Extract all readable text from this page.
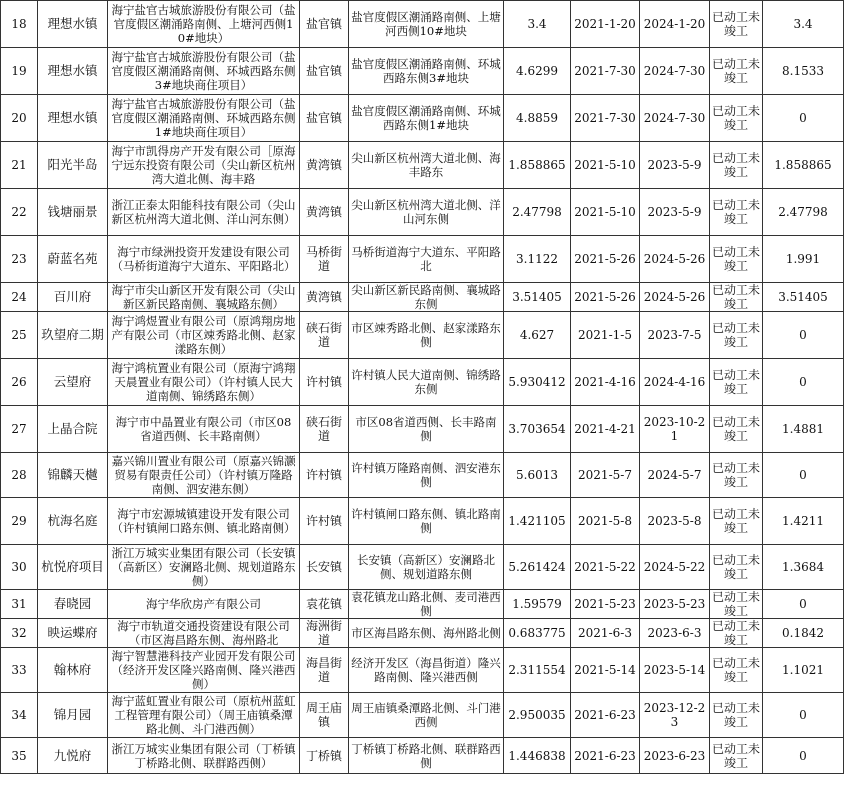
18	理想水镇	海宁盐官古城旅游股份有限公司（盐官度假区潮涌路南侧、上塘河西侧10#地块）	盐官镇	盐官度假区潮涌路南侧、上塘河西侧10#地块	3.4	2021-1-20	2024-1-20	已动工未竣工	3.4
19	理想水镇	海宁盐官古城旅游股份有限公司（盐官度假区潮涌路南侧、环城西路东侧3#地块商住项目）	盐官镇	盐官度假区潮涌路南侧、环城西路东侧3#地块	4.6299	2021-7-30	2024-7-30	已动工未竣工	8.1533
20	理想水镇	海宁盐官古城旅游股份有限公司（盐官度假区潮涌路南侧、环城西路东侧1#地块商住项目）	盐官镇	盐官度假区潮涌路南侧、环城西路东侧1#地块	4.8859	2021-7-30	2024-7-30	已动工未竣工	0
21	阳光半岛	海宁市凯得房产开发有限公司［原海宁远东投资有限公司（尖山新区杭州湾大道北侧、海丰路	黄湾镇	尖山新区杭州湾大道北侧、海丰路东	1.858865	2021-5-10	2023-5-9	已动工未竣工	1.858865
22	钱塘丽景	浙江正泰太阳能科技有限公司（尖山新区杭州湾大道北侧、洋山河东侧）	黄湾镇	尖山新区杭州湾大道北侧、洋山河东侧	2.47798	2021-5-10	2023-5-9	已动工未竣工	2.47798
23	蔚蓝名苑	海宁市绿洲投资开发建设有限公司（马桥街道海宁大道东、平阳路北）	马桥街道	马桥街道海宁大道东、平阳路北	3.1122	2021-5-26	2024-5-26	已动工未竣工	1.991
24	百川府	海宁市尖山新区开发有限公司（尖山新区新民路南侧、襄城路东侧）	黄湾镇	尖山新区新民路南侧、襄城路东侧	3.51405	2021-5-26	2024-5-26	已动工未竣工	3.51405
25	玖望府二期	海宁鸿煜置业有限公司（原鸿翔房地产有限公司（市区竦秀路北侧、赵家漾路东侧）	硖石街道	市区竦秀路北侧、赵家漾路东侧	4.627	2021-1-5	2023-7-5	已动工未竣工	0
26	云望府	海宁鸿杭置业有限公司（原海宁鸿翔天晨置业有限公司）（许村镇人民大道南侧、锦绣路东侧）	许村镇	许村镇人民大道南侧、锦绣路东侧	5.930412	2021-4-16	2024-4-16	已动工未竣工	0
27	上晶合院	海宁市中晶置业有限公司（市区08省道西侧、长丰路南侧）	硖石街道	市区08省道西侧、长丰路南侧	3.703654	2021-4-21	2023-10-21	已动工未竣工	1.4881
28	锦麟天樾	嘉兴锦川置业有限公司（原嘉兴锦灏贸易有限责任公司）（许村镇万隆路南侧、泗安港东侧）	许村镇	许村镇万隆路南侧、泗安港东侧	5.6013	2021-5-7	2024-5-7	已动工未竣工	0
29	杭海名庭	海宁市宏源城镇建设开发有限公司（许村镇闸口路东侧、镇北路南侧）	许村镇	许村镇闸口路东侧、镇北路南侧	1.421105	2021-5-8	2023-5-8	已动工未竣工	1.4211
30	杭悦府项目	浙江万城实业集团有限公司（长安镇（高新区）安澜路北侧、规划道路东侧）	长安镇	长安镇（高新区）安澜路北侧、规划道路东侧	5.261424	2021-5-22	2024-5-22	已动工未竣工	1.3684
31	春晓园	海宁华欣房产有限公司	袁花镇	袁花镇龙山路北侧、麦司港西侧	1.59579	2021-5-23	2023-5-23	已动工未竣工	0
32	映运蝶府	海宁市轨道交通投资建设有限公司（市区海昌路东侧、海州路北	海洲街道	市区海昌路东侧、海州路北侧	0.683775	2021-6-3	2023-6-3	已动工未竣工	0.1842
33	翰林府	海宁智慧港科技产业园开发有限公司（经济开发区隆兴路南侧、隆兴港西侧）	海昌街道	经济开发区（海昌街道）隆兴路南侧、隆兴港西侧	2.311554	2021-5-14	2023-5-14	已动工未竣工	1.1021
34	锦月园	海宁蓝虹置业有限公司（原杭州蓝虹工程管理有限公司）（周王庙镇桑潭路北侧、斗门港西侧）	周王庙镇	周王庙镇桑潭路北侧、斗门港西侧	2.950035	2021-6-23	2023-12-23	已动工未竣工	0
35	九悦府	浙江万城实业集团有限公司（丁桥镇丁桥路北侧、联群路西侧）	丁桥镇	丁桥镇丁桥路北侧、联群路西侧	1.446838	2021-6-23	2023-6-23	已动工未竣工	0
